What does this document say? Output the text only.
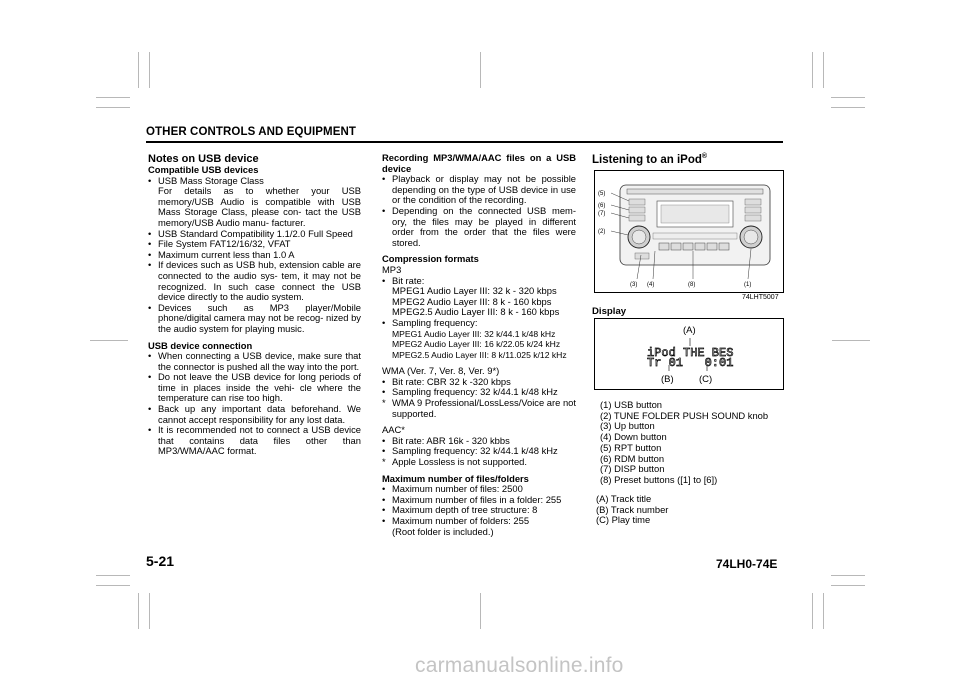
OTHER CONTROLS AND EQUIPMENT
Notes on USB device
Compatible USB devices
• USB Mass Storage Class
For details as to whether your USB memory/USB Audio is compatible with USB Mass Storage Class, please con- tact the USB memory/USB Audio manu- facturer.
• USB Standard Compatibility 1.1/2.0 Full Speed
• File System FAT12/16/32, VFAT
• Maximum current less than 1.0 A
• If devices such as USB hub, extension cable are connected to the audio sys- tem, it may not be recognized. In such case connect the USB device directly to the audio system.
• Devices such as MP3 player/Mobile phone/digital camera may not be recog- nized by the audio system for playing music.
USB device connection
• When connecting a USB device, make sure that the connector is pushed all the way into the port.
• Do not leave the USB device for long periods of time in places inside the vehi- cle where the temperature can rise too high.
• Back up any important data beforehand. We cannot accept responsibility for any lost data.
• It is recommended not to connect a USB device that contains data files other than MP3/WMA/AAC format.
Recording MP3/WMA/AAC files on a USB device
• Playback or display may not be possible depending on the type of USB device in use or the condition of the recording.
• Depending on the connected USB mem- ory, the files may be played in different order from the order that the files were stored.
Compression formats
MP3
• Bit rate:
MPEG1 Audio Layer III: 32 k - 320 kbps
MPEG2 Audio Layer III: 8 k - 160 kbps
MPEG2.5 Audio Layer III: 8 k - 160 kbps
• Sampling frequency:
MPEG1 Audio Layer III: 32 k/44.1 k/48 kHz
MPEG2 Audio Layer III: 16 k/22.05 k/24 kHz
MPEG2.5 Audio Layer III: 8 k/11.025 k/12 kHz
WMA (Ver. 7, Ver. 8, Ver. 9*)
• Bit rate: CBR 32 k -320 kbps
• Sampling frequency: 32 k/44.1 k/48 kHz
* WMA 9 Professional/LossLess/Voice are not supported.
AAC*
• Bit rate: ABR 16k - 320 kbbs
• Sampling frequency: 32 k/44.1 k/48 kHz
* Apple Lossless is not supported.
Maximum number of files/folders
• Maximum number of files: 2500
• Maximum number of files in a folder: 255
• Maximum depth of tree structure: 8
• Maximum number of folders: 255
(Root folder is included.)
Listening to an iPod®
(5)
(6)
(7)
(2)
(3) (4)	(8)	(1)
74LHT5007
Display
(A)
(B)	(C)
iPod THE BES
Tr 01   0:01
(1) USB button
(2) TUNE FOLDER PUSH SOUND knob
(3) Up button
(4) Down button
(5) RPT button
(6) RDM button
(7) DISP button
(8) Preset buttons ([1] to [6])
(A) Track title
(B) Track number
(C) Play time
5-21	74LH0-74E
carmanualsonline.info
